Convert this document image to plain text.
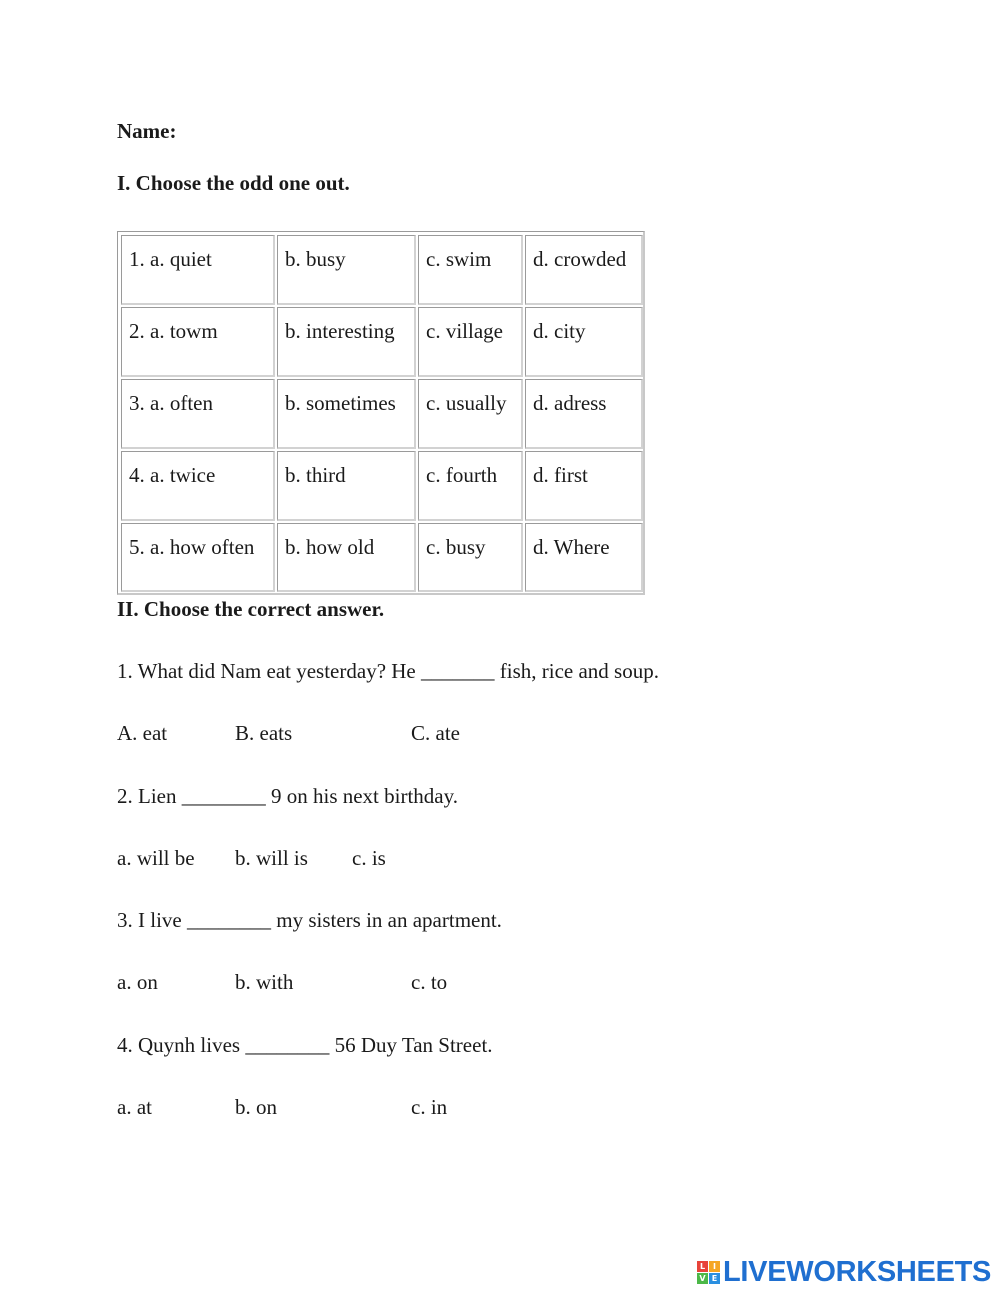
Name:
I. Choose the odd one out.
1. a. quiet	b. busy	c. swim	d. crowded
2. a. towm	b. interesting	c. village	d. city
3. a. often	b. sometimes	c. usually	d. adress
4. a. twice	b. third	c. fourth	d. first
5. a. how often	b. how old	c. busy	d. Where
II. Choose the correct answer.
1. What did Nam eat yesterday? He _______ fish, rice and soup.
A. eat	B. eats	C. ate
2. Lien ________ 9 on his next birthday.
a. will be b. will is c. is
3. I live ________ my sisters in an apartment.
a. on	b. with	c. to
4. Quynh lives ________ 56 Duy Tan Street.
a. at	b. on	c. in
L I
V E LIVEWORKSHEETS
